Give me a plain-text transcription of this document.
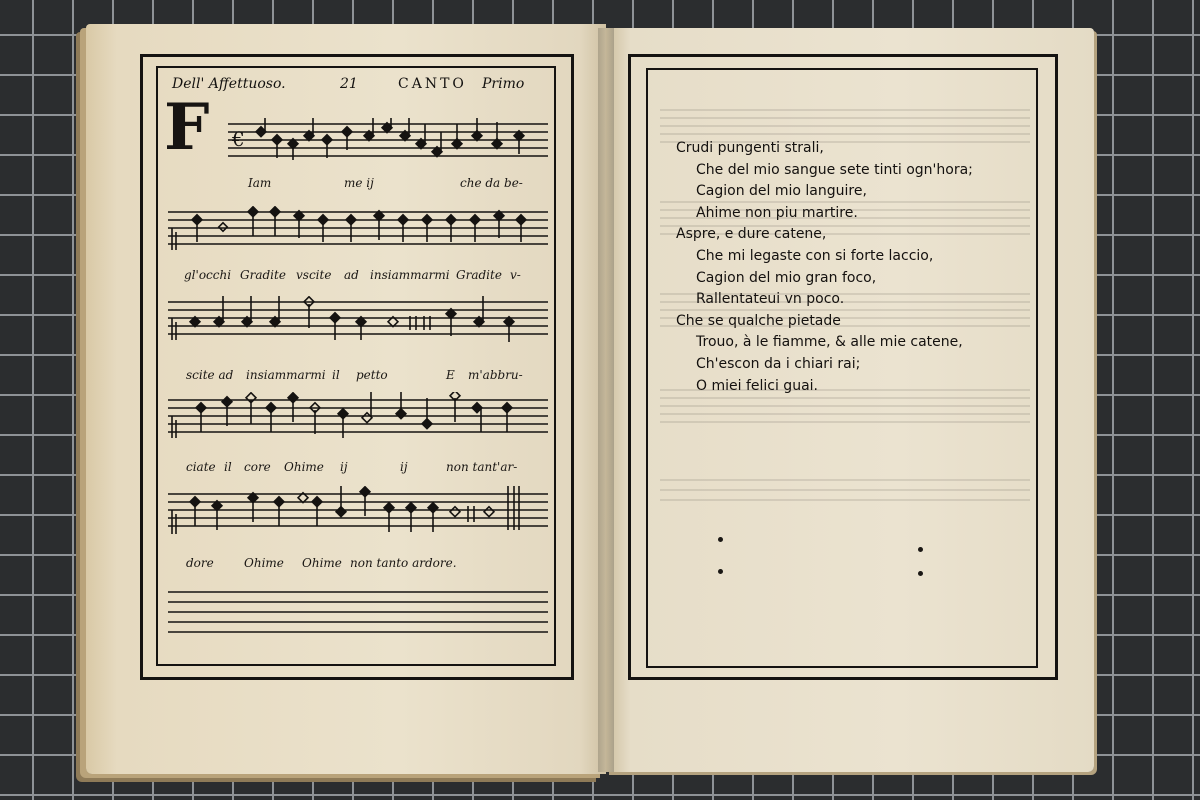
Dell' Affettuoso.	21	CANTO Primo
F €
Iam	me ij	che da be-
gl'occhi Gradite vscite ad insiammarmi Gradite v-
scite ad insiammarmi il petto	E m'abbru-
ciate il core Ohime ij	ij	non tant'ar-
dore	Ohime Ohime non tanto ardore.
Crudi pungenti strali,
Che del mio sangue sete tinti ogn'hora;
Cagion del mio languire,
Ahime non piu martire.
Aspre, e dure catene,
Che mi legaste con si forte laccio,
Cagion del mio gran foco,
Rallentateui vn poco.
Che se qualche pietade
Trouo, à le fiamme, & alle mie catene,
Ch'escon da i chiari rai;
O miei felici guai.
